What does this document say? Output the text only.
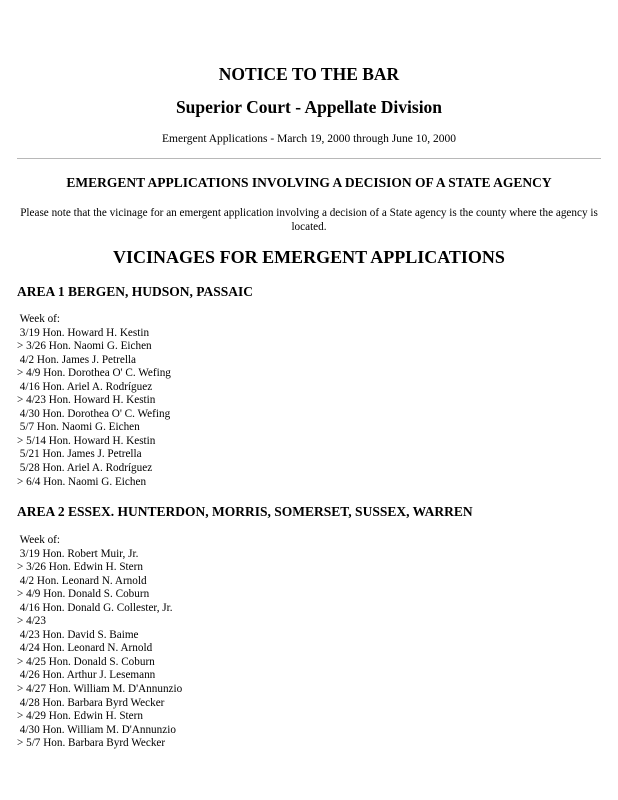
NOTICE TO THE BAR
Superior Court - Appellate Division
Emergent Applications - March 19, 2000 through June 10, 2000
EMERGENT APPLICATIONS INVOLVING A DECISION OF A STATE AGENCY
Please note that the vicinage for an emergent application involving a decision of a State agency is the county where the agency is located.
VICINAGES FOR EMERGENT APPLICATIONS
AREA 1 BERGEN, HUDSON, PASSAIC
Week of:
3/19 Hon. Howard H. Kestin
> 3/26 Hon. Naomi G. Eichen
4/2 Hon. James J. Petrella
> 4/9 Hon. Dorothea O' C. Wefing
4/16 Hon. Ariel A. Rodríguez
> 4/23 Hon. Howard H. Kestin
4/30 Hon. Dorothea O' C. Wefing
5/7 Hon. Naomi G. Eichen
> 5/14 Hon. Howard H. Kestin
5/21 Hon. James J. Petrella
5/28 Hon. Ariel A. Rodríguez
> 6/4 Hon. Naomi G. Eichen
AREA 2 ESSEX. HUNTERDON, MORRIS, SOMERSET, SUSSEX, WARREN
Week of:
3/19 Hon. Robert Muir, Jr.
> 3/26 Hon. Edwin H. Stern
4/2 Hon. Leonard N. Arnold
> 4/9 Hon. Donald S. Coburn
4/16 Hon. Donald G. Collester, Jr.
> 4/23
4/23 Hon. David S. Baime
4/24 Hon. Leonard N. Arnold
> 4/25 Hon. Donald S. Coburn
4/26 Hon. Arthur J. Lesemann
> 4/27 Hon. William M. D'Annunzio
4/28 Hon. Barbara Byrd Wecker
> 4/29 Hon. Edwin H. Stern
4/30 Hon. William M. D'Annunzio
> 5/7 Hon. Barbara Byrd Wecker
